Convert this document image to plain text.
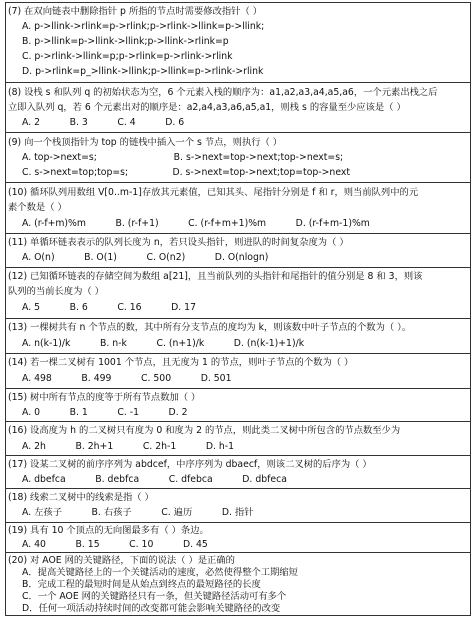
(7) 在双向链表中删除指针 p 所指的节点时需要修改指针（ ）
A. p->llink->rlink=p->rlink;p->rlink->llink=p->llink;
B. p->llink=p->llink->llink;p->llink->rlink=p
C. p->rlink->llink=p;p->rlink=p->rlink->rlink
D. p->rlink=p_>llink->llink;p->llink=p->rlink->rlink
(8) 设栈 s 和队列 q 的初始状态为空，6 个元素入栈的顺序为：a1,a2,a3,a4,a5,a6，一个元素出栈之后
立即入队列 q，若 6 个元素出对的顺序是：a2,a4,a3,a6,a5,a1，则栈 s 的容量至少应该是（ ）
A. 2          B. 3          C. 4          D. 6
(9) 向一个栈顶指针为 top 的链栈中插入一个 s 节点，则执行（ ）
A. top->next=s;                          B. s->next=top->next;top->next=s;
C. s->next=top;top=s;               D. s->next=top->next;top=top->next
(10) 循环队列用数组 V[0..m-1]存放其元素值，已知其头、尾指针分别是 f 和 r，则当前队列中的元
素个数是（ ）
A. (r-f+m)%m          B. (r-f+1)          C. (r-f+m+1)%m          D. (r-f+m-1)%m
(11) 单循环链表表示的队列长度为 n，若只设头指针，则进队的时间复杂度为（ ）
A. O(n)          B. O(1)          C. O(n2)          D. O(nlogn)
(12) 已知循环链表的存储空间为数组 a[21]，且当前队列的头指针和尾指针的值分别是 8 和 3，则该
队列的当前长度为（ ）
A. 5          B. 6          C. 16          D. 17
(13) 一棵树共有 n 个节点的数，其中所有分支节点的度均为 k，则该数中叶子节点的个数为（ ）。
A. n(k-1)/k          B. n-k          C. (n+1)/k          D. (n(k-1)+1)/k
(14) 若一棵二叉树有 1001 个节点，且无度为 1 的节点，则叶子节点的个数为（ ）
A. 498          B. 499          C. 500          D. 501
(15) 树中所有节点的度等于所有节点数加（ ）
A. 0          B. 1          C. -1          D. 2
(16) 设高度为 h 的二叉树只有度为 0 和度为 2 的节点，则此类二叉树中所包含的节点数至少为
A. 2h          B. 2h+1          C. 2h-1          D. h-1
(17) 设某二叉树的前序序列为 abdcef，中序序列为 dbaecf，则该二叉树的后序为（ ）
A. dbefca          B. debfca          C. dfebca          D. dbfeca
(18) 线索二叉树中的线索是指（ ）
A. 左孩子          B. 右孩子          C. 遍历          D. 指针
(19) 具有 10 个顶点的无向图最多有（ ）条边。
A. 40          B. 15          C. 10          D. 45
(20) 对 AOE 网的关键路径，下面的说法（ ）是正确的
A．提高关键路径上的一个关键活动的速度，必然使得整个工期缩短
B．完成工程的最短时间是从始点到终点的最短路径的长度
C．一个 AOE 网的关键路径只有一条，但关键路径活动可有多个
D．任何一项活动持续时间的改变都可能会影响关键路径的改变
